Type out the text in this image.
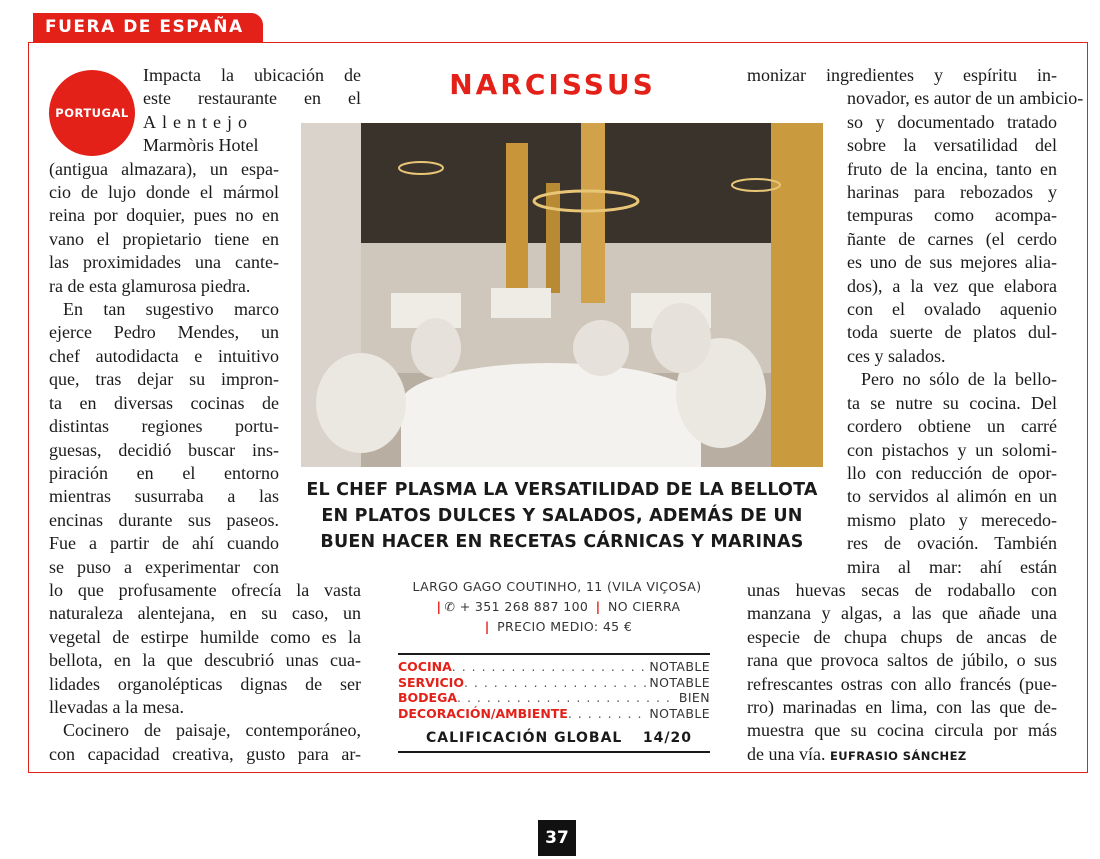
FUERA DE ESPAÑA
PORTUGAL
Impacta la ubicación de
este restaurante en el
Alentejo
Marmòris Hotel
(antigua almazara), un espa-
cio de lujo donde el mármol
reina por doquier, pues no en
vano el propietario tiene en
las proximidades una cante-
ra de esta glamurosa piedra.
En tan sugestivo marco
ejerce Pedro Mendes, un
chef autodidacta e intuitivo
que, tras dejar su impron-
ta en diversas cocinas de
distintas regiones portu-
guesas, decidió buscar ins-
piración en el entorno
mientras susurraba a las
encinas durante sus paseos.
Fue a partir de ahí cuando
se puso a experimentar con
lo que profusamente ofrecía la vasta
naturaleza alentejana, en su caso, un
vegetal de estirpe humilde como es la
bellota, en la que descubrió unas cua-
lidades organolépticas dignas de ser
llevadas a la mesa.
Cocinero de paisaje, contemporáneo,
con capacidad creativa, gusto para ar-
NARCISSUS
EL CHEF PLASMA LA VERSATILIDAD DE LA BELLOTA
EN PLATOS DULCES Y SALADOS, ADEMÁS DE UN
BUEN HACER EN RECETAS CÁRNICAS Y MARINAS
LARGO GAGO COUTINHO, 11 (VILA VIÇOSA)
| ✆ + 351 268 887 100 | NO CIERRA
| PRECIO MEDIO: 45 €
COCINA . . .	NOTABLE
SERVICIO . . .	NOTABLE
BODEGA . . .	BIEN
DECORACIÓN/AMBIENTE . . .	NOTABLE
CALIFICACIÓN GLOBAL 14/20
monizar ingredientes y espíritu in-
novador, es autor de un ambicio-
so y documentado tratado
sobre la versatilidad del
fruto de la encina, tanto en
harinas para rebozados y
tempuras como acompa-
ñante de carnes (el cerdo
es uno de sus mejores alia-
dos), a la vez que elabora
con el ovalado aquenio
toda suerte de platos dul-
ces y salados.
Pero no sólo de la bello-
ta se nutre su cocina. Del
cordero obtiene un carré
con pistachos y un solomi-
llo con reducción de opor-
to servidos al alimón en un
mismo plato y merecedo-
res de ovación. También
mira al mar: ahí están
unas huevas secas de rodaballo con
manzana y algas, a las que añade una
especie de chupa chups de ancas de
rana que provoca saltos de júbilo, o sus
refrescantes ostras con allo francés (pue-
rro) marinadas en lima, con las que de-
muestra que su cocina circula por más
de una vía. EUFRASIO SÁNCHEZ
37
